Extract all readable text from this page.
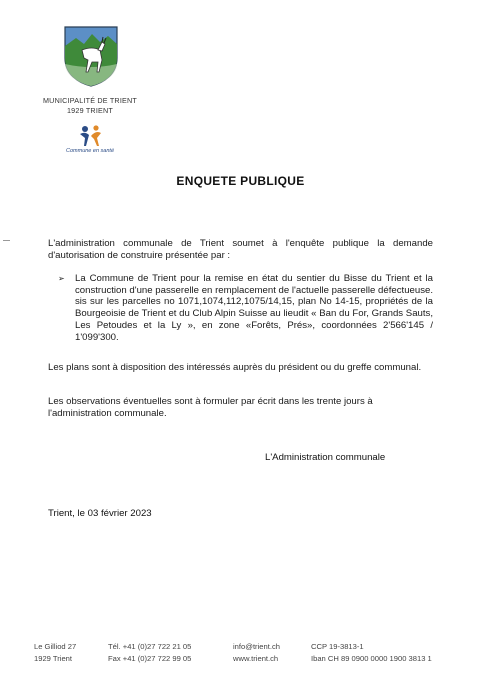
MUNICIPALITÉ DE TRIENT
1929 TRIENT
Commune en santé
ENQUETE PUBLIQUE
L'administration communale de Trient soumet à l'enquête publique la demande d'autorisation de construire présentée par :
➢ La Commune de Trient pour la remise en état du sentier du Bisse du Trient et la construction d'une passerelle en remplacement de l'actuelle passerelle défectueuse. sis sur les parcelles no 1071,1074,112,1075/14,15, plan No 14-15, propriétés de la Bourgeoisie de Trient et du Club Alpin Suisse au lieudit « Ban du For, Grands Sauts, Les Petoudes et la Ly », en zone «Forêts, Prés», coordonnées 2'566'145 / 1'099'300.
Les plans sont à disposition des intéressés auprès du président ou du greffe communal.
Les observations éventuelles sont à formuler par écrit dans les trente jours à l'administration communale.
L'Administration communale
Trient, le 03 février 2023
Le Gilliod 27
1929 Trient
Tél. +41 (0)27 722 21 05
Fax +41 (0)27 722 99 05
info@trient.ch
www.trient.ch
CCP 19-3813-1
Iban CH 89 0900 0000 1900 3813 1
